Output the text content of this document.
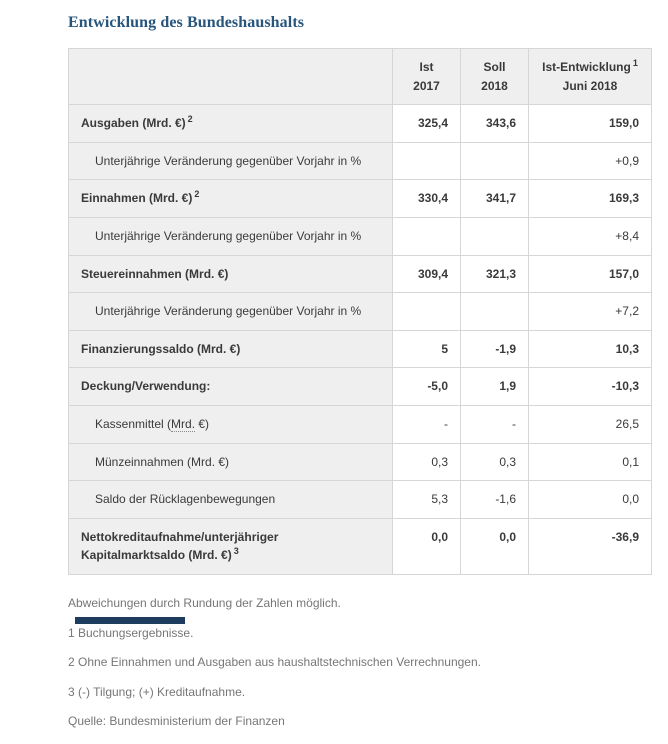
Entwicklung des Bundeshaushalts

	Ist 2017	Soll 2018	Ist-Entwicklung $^1$
Juni 2018

Ausgaben (Mrd. €) $^2$	325,4	343,6	159,0
Unterjährige Veränderung gegenüber Vorjahr in %			+0,9
Einnahmen (Mrd. €) $^2$	330,4	341,7	169,3
Unterjährige Veränderung gegenüber Vorjahr in %			+8,4
Steuereinnahmen (Mrd. €)	309,4	321,3	157,0
Unterjährige Veränderung gegenüber Vorjahr in %			+7,2
Finanzierungssaldo (Mrd. €)	5	-1,9	10,3
Deckung/Verwendung:	-5,0	1,9	-10,3
Kassenmittel (Mrd. €)	-	-	26,5
Münzeinnahmen (Mrd. €)	0,3	0,3	0,1
Saldo der Rücklagenbewegungen	5,3	-1,6	0,0
Nettokreditaufnahme/unterjähriger Kapitalmarktsaldo (Mrd. €) $^3$	0,0	0,0	-36,9

Abweichungen durch Rundung der Zahlen möglich.

1 Buchungsergebnisse.

2 Ohne Einnahmen und Ausgaben aus haushaltstechnischen Verrechnungen.

3 (-) Tilgung; (+) Kreditaufnahme.

Quelle: Bundesministerium der Finanzen
